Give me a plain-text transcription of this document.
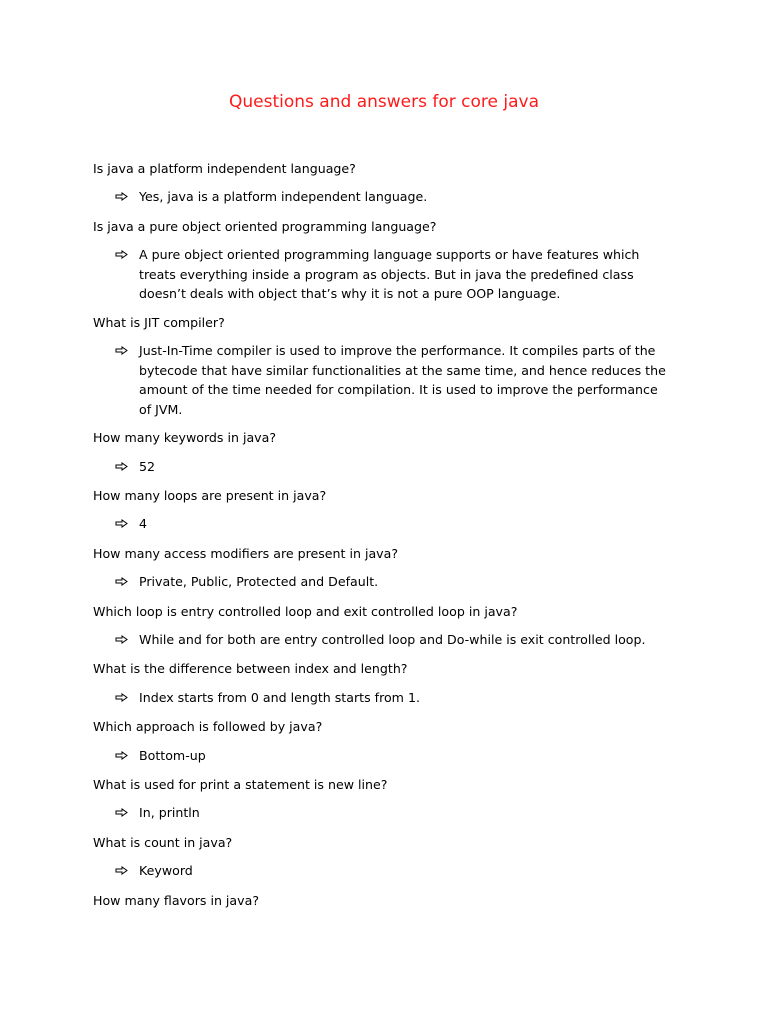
Questions and answers for core java

Is java a platform independent language?

Yes, java is a platform independent language.

Is java a pure object oriented programming language?

A pure object oriented programming language supports or have features which
treats everything inside a program as objects. But in java the predefined class
doesn’t deals with object that’s why it is not a pure OOP language.

What is JIT compiler?

Just-In-Time compiler is used to improve the performance. It compiles parts of the
bytecode that have similar functionalities at the same time, and hence reduces the
amount of the time needed for compilation. It is used to improve the performance
of JVM.

How many keywords in java?

52

How many loops are present in java?

4

How many access modifiers are present in java?

Private, Public, Protected and Default.

Which loop is entry controlled loop and exit controlled loop in java?

While and for both are entry controlled loop and Do-while is exit controlled loop.

What is the difference between index and length?

Index starts from 0 and length starts from 1.

Which approach is followed by java?

Bottom-up

What is used for print a statement is new line?

In, println

What is count in java?

Keyword

How many flavors in java?
